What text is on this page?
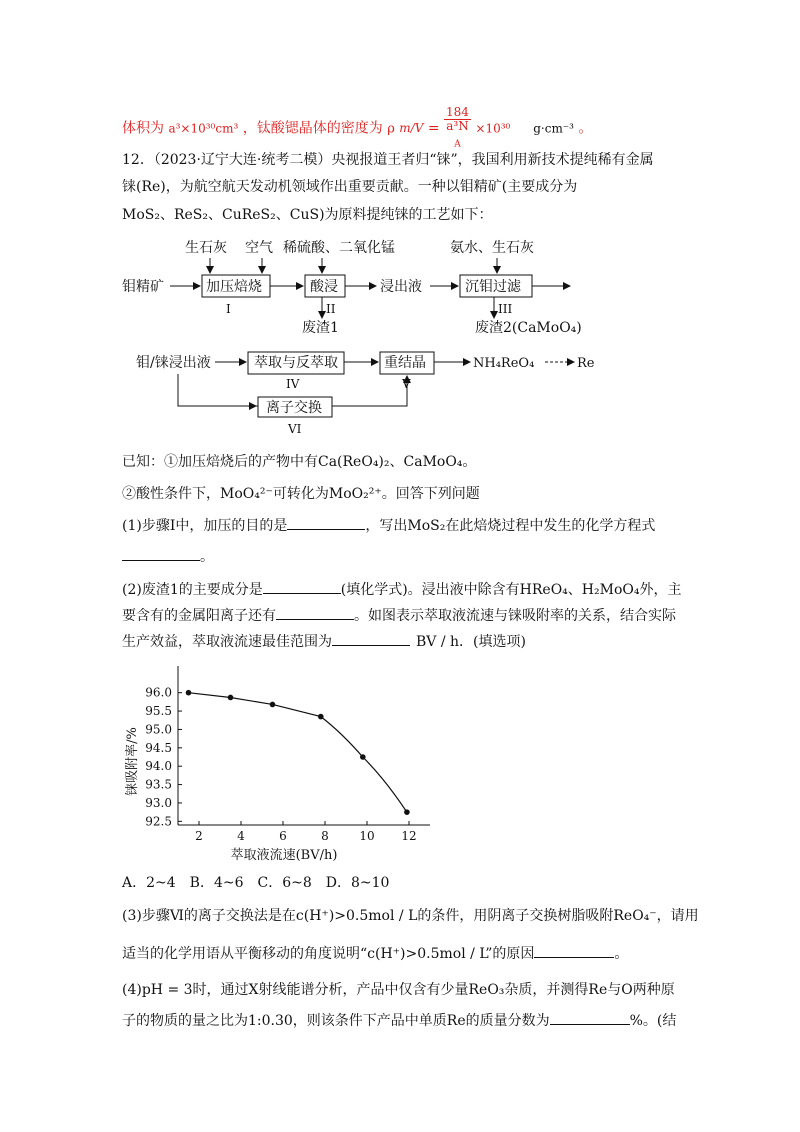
体积为 a³×10³⁰cm³ ，钛酸锶晶体的密度为 ρ m/V = 184
a³N
$_A$ ×10³⁰ g·cm⁻³ 。
12．（2023·辽宁大连·统考二模）央视报道王者归“铼”，我国利用新技术提纯稀有金属
铼(Re)，为航空航天发动机领域作出重要贡献。一种以钼精矿(主要成分为
MoS₂、ReS₂、CuReS₂、CuS)为原料提纯铼的工艺如下：
生石灰 空气 稀硫酸、二氧化锰	氨水、生石灰
钼精矿	加压焙烧
I
酸浸
II
废渣1
浸出液	沉钼过滤
III
废渣2(CaMoO₄)
钼/铼浸出液	萃取与反萃取
IV
重结晶
V
NH₄ReO₄	Re
离子交换
VI
已知：①加压焙烧后的产物中有Ca(ReO₄)₂、CaMoO₄。
②酸性条件下，MoO₄²⁻可转化为MoO₂²⁺。回答下列问题
(1)步骤Ⅰ中，加压的目的是	，写出MoS₂在此焙烧过程中发生的化学方程式
。
(2)废渣1的主要成分是	(填化学式)。浸出液中除含有HReO₄、H₂MoO₄外，主
要含有的金属阳离子还有	。如图表示萃取液流速与铼吸附率的关系，结合实际
生产效益，萃取液流速最佳范围为	BV / h．(填选项)
2	4	6	8	10 12
96.0
95.5
95.0
94.5
94.0
93.5
93.0
92.5
萃取液流速(BV/h)
铼吸附率/%
A．2~4　B．4~6　C．6~8　D．8~10
(3)步骤Ⅵ的离子交换法是在c(H⁺)>0.5mol / L的条件，用阴离子交换树脂吸附ReO₄⁻，请用
适当的化学用语从平衡移动的角度说明“c(H⁺)>0.5mol / L”的原因	。
(4)pH = 3时，通过X射线能谱分析，产品中仅含有少量ReO₃杂质，并测得Re与O两种原
子的物质的量之比为1:0.30，则该条件下产品中单质Re的质量分数为	%。(结
